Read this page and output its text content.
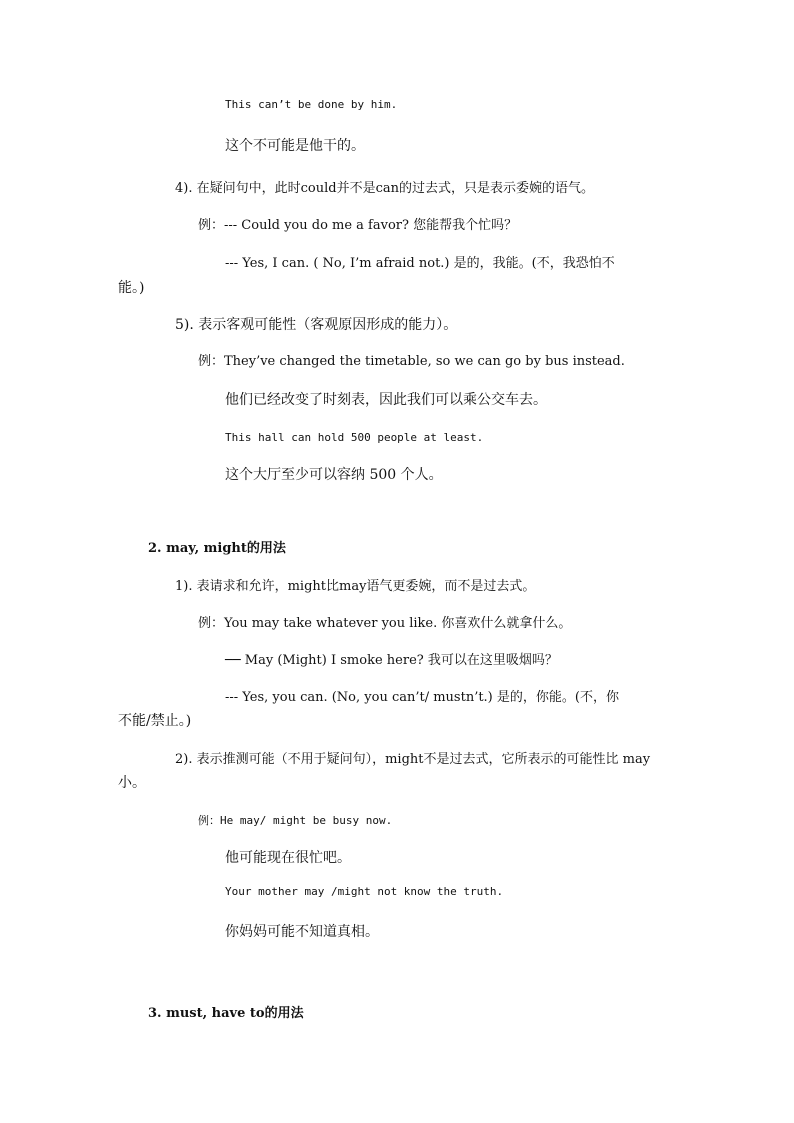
This can’t be done by him.
这个不可能是他干的。
4). 在疑问句中，此时could并不是can的过去式，只是表示委婉的语气。
例：--- Could you do me a favor? 您能帮我个忙吗？
--- Yes, I can. ( No, I’m afraid not.) 是的，我能。(不，我恐怕不
能。)
5). 表示客观可能性（客观原因形成的能力）。
例：They’ve changed the timetable, so we can go by bus instead.
他们已经改变了时刻表，因此我们可以乘公交车去。
This hall can hold 500 people at least.
这个大厅至少可以容纳 500 个人。
2. may, might的用法
1). 表请求和允许，might比may语气更委婉，而不是过去式。
例：You may take whatever you like. 你喜欢什么就拿什么。
── May (Might) I smoke here? 我可以在这里吸烟吗？
--- Yes, you can. (No, you can’t/ mustn’t.) 是的，你能。(不，你
不能/禁止。)
2). 表示推测可能（不用于疑问句），might不是过去式，它所表示的可能性比 may
小。
例：He may/ might be busy now.
他可能现在很忙吧。
Your mother may /might not know the truth.
你妈妈可能不知道真相。
3. must, have to的用法
